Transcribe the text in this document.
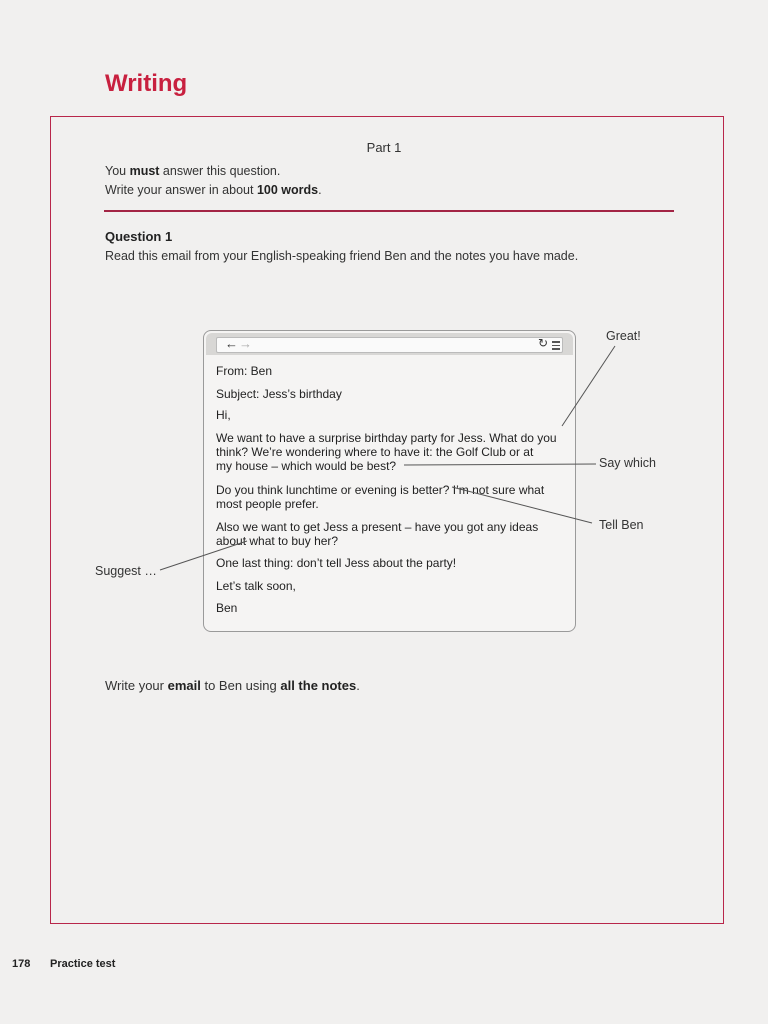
Writing
Part 1
You must answer this question.
Write your answer in about 100 words.
Question 1
Read this email from your English-speaking friend Ben and the notes you have made.
← →	↻
From: Ben
Subject: Jess’s birthday
Hi,
We want to have a surprise birthday party for Jess. What do you
think? We’re wondering where to have it: the Golf Club or at
my house – which would be best?
Do you think lunchtime or evening is better? I’m not sure what
most people prefer.
Also we want to get Jess a present – have you got any ideas
about what to buy her?
One last thing: don’t tell Jess about the party!
Let’s talk soon,
Ben
Great!
Say which
Tell Ben
Suggest …
Write your email to Ben using all the notes.
178 Practice test
